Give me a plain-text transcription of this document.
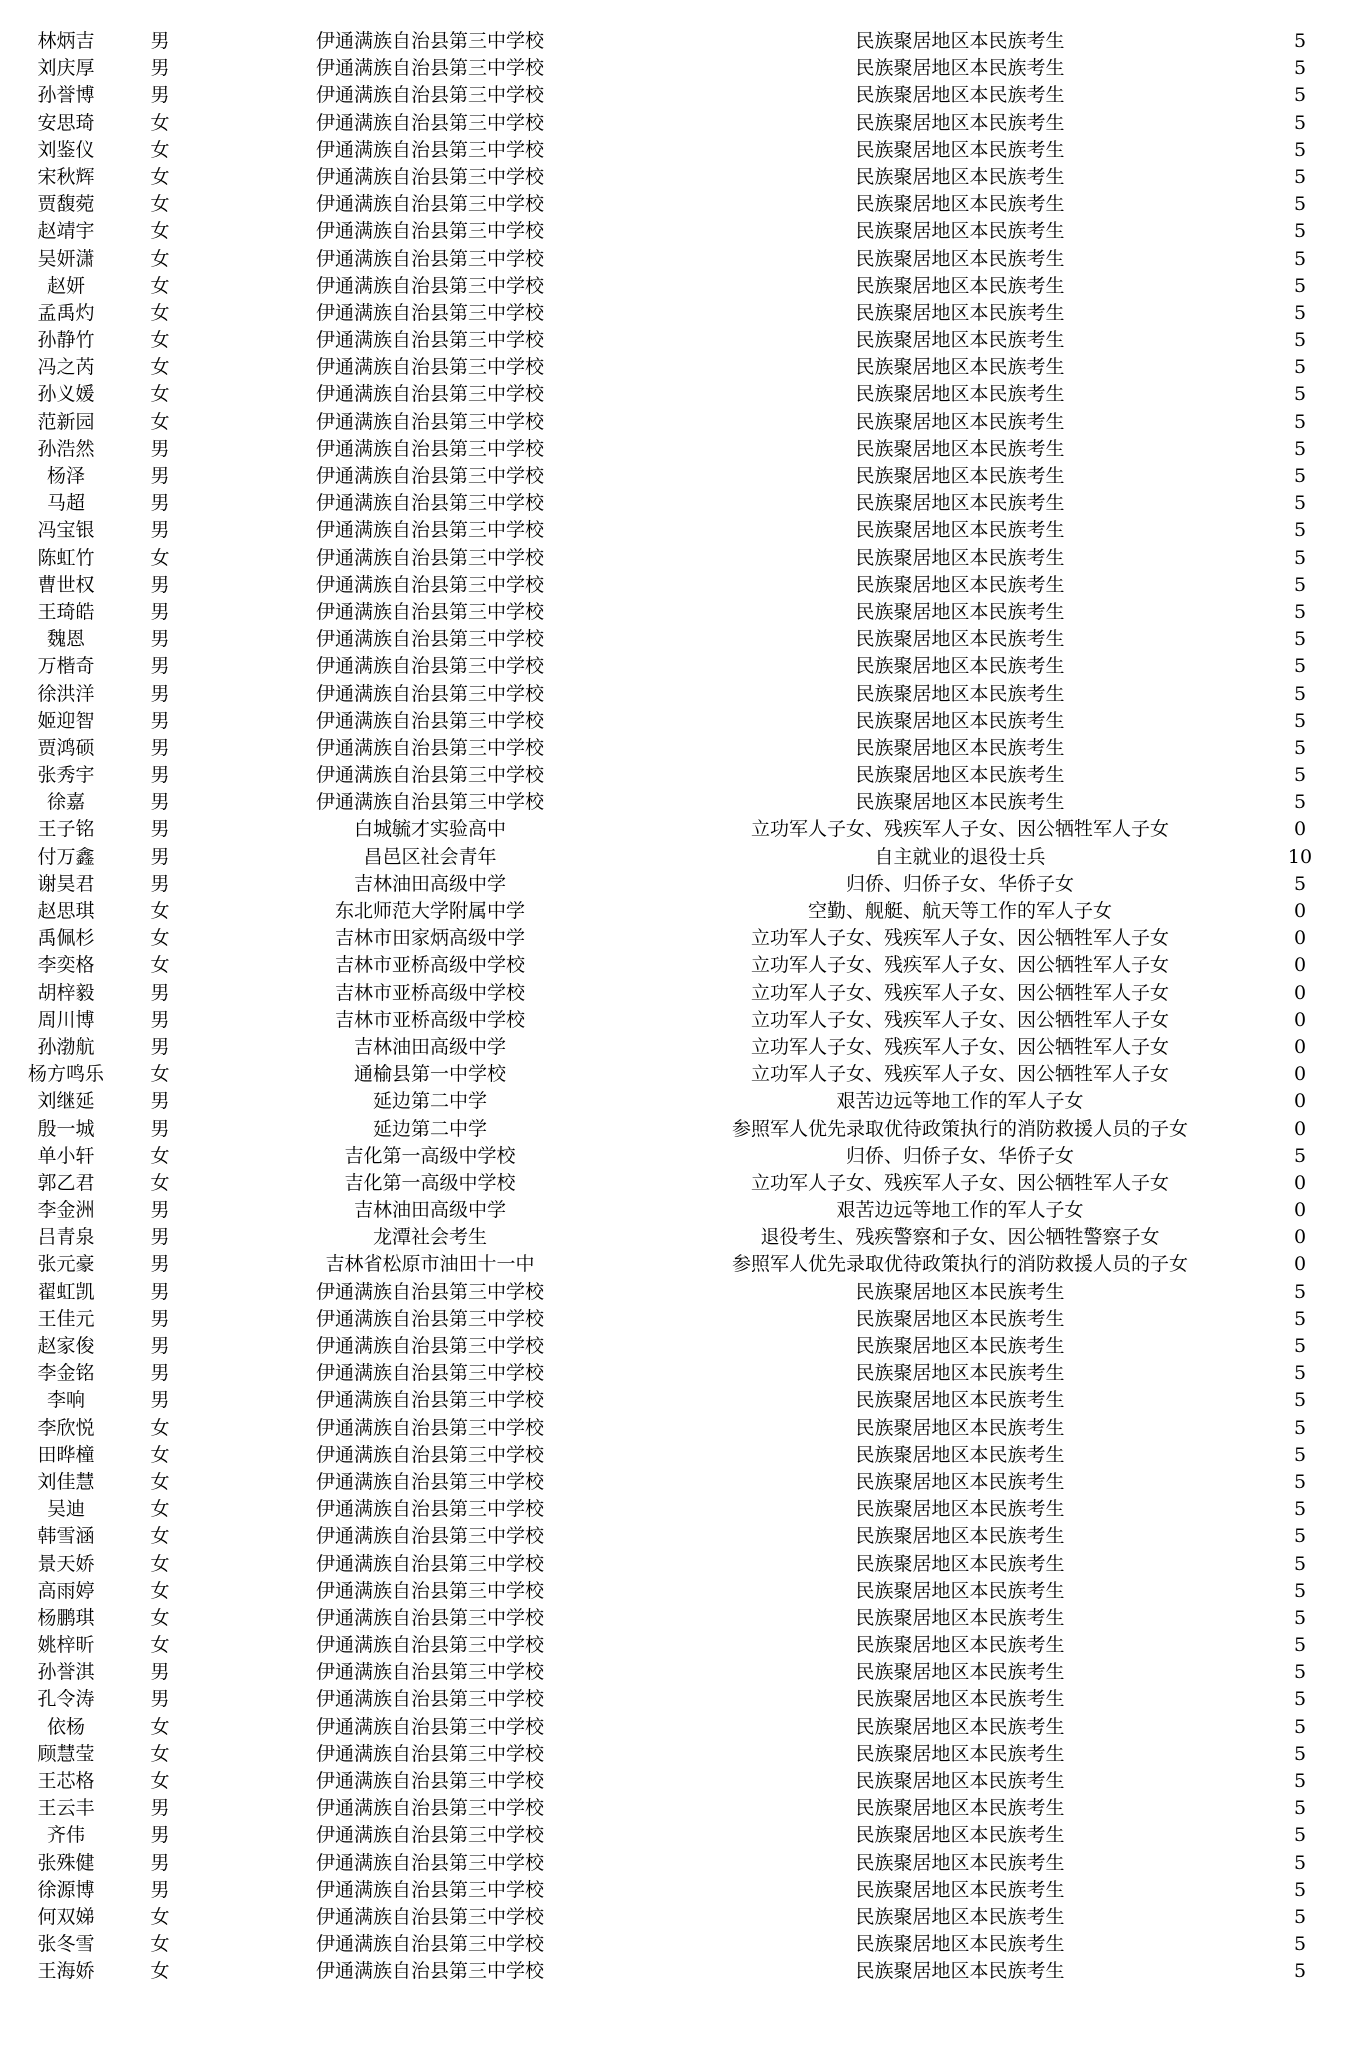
林炳吉	男	伊通满族自治县第三中学校	民族聚居地区本民族考生	5
刘庆厚	男	伊通满族自治县第三中学校	民族聚居地区本民族考生	5
孙誉博	男	伊通满族自治县第三中学校	民族聚居地区本民族考生	5
安思琦	女	伊通满族自治县第三中学校	民族聚居地区本民族考生	5
刘鉴仪	女	伊通满族自治县第三中学校	民族聚居地区本民族考生	5
宋秋辉	女	伊通满族自治县第三中学校	民族聚居地区本民族考生	5
贾馥菀	女	伊通满族自治县第三中学校	民族聚居地区本民族考生	5
赵靖宇	女	伊通满族自治县第三中学校	民族聚居地区本民族考生	5
吴妍潇	女	伊通满族自治县第三中学校	民族聚居地区本民族考生	5
赵妍	女	伊通满族自治县第三中学校	民族聚居地区本民族考生	5
孟禹灼	女	伊通满族自治县第三中学校	民族聚居地区本民族考生	5
孙静竹	女	伊通满族自治县第三中学校	民族聚居地区本民族考生	5
冯之芮	女	伊通满族自治县第三中学校	民族聚居地区本民族考生	5
孙义媛	女	伊通满族自治县第三中学校	民族聚居地区本民族考生	5
范新园	女	伊通满族自治县第三中学校	民族聚居地区本民族考生	5
孙浩然	男	伊通满族自治县第三中学校	民族聚居地区本民族考生	5
杨泽	男	伊通满族自治县第三中学校	民族聚居地区本民族考生	5
马超	男	伊通满族自治县第三中学校	民族聚居地区本民族考生	5
冯宝银	男	伊通满族自治县第三中学校	民族聚居地区本民族考生	5
陈虹竹	女	伊通满族自治县第三中学校	民族聚居地区本民族考生	5
曹世权	男	伊通满族自治县第三中学校	民族聚居地区本民族考生	5
王琦皓	男	伊通满族自治县第三中学校	民族聚居地区本民族考生	5
魏恩	男	伊通满族自治县第三中学校	民族聚居地区本民族考生	5
万楷奇	男	伊通满族自治县第三中学校	民族聚居地区本民族考生	5
徐洪洋	男	伊通满族自治县第三中学校	民族聚居地区本民族考生	5
姬迎智	男	伊通满族自治县第三中学校	民族聚居地区本民族考生	5
贾鸿硕	男	伊通满族自治县第三中学校	民族聚居地区本民族考生	5
张秀宇	男	伊通满族自治县第三中学校	民族聚居地区本民族考生	5
徐嘉	男	伊通满族自治县第三中学校	民族聚居地区本民族考生	5
王子铭	男	白城毓才实验高中	立功军人子女、残疾军人子女、因公牺牲军人子女	0
付万鑫	男	昌邑区社会青年	自主就业的退役士兵	10
谢昊君	男	吉林油田高级中学	归侨、归侨子女、华侨子女	5
赵思琪	女	东北师范大学附属中学	空勤、舰艇、航天等工作的军人子女	0
禹佩杉	女	吉林市田家炳高级中学	立功军人子女、残疾军人子女、因公牺牲军人子女	0
李奕格	女	吉林市亚桥高级中学校	立功军人子女、残疾军人子女、因公牺牲军人子女	0
胡梓毅	男	吉林市亚桥高级中学校	立功军人子女、残疾军人子女、因公牺牲军人子女	0
周川博	男	吉林市亚桥高级中学校	立功军人子女、残疾军人子女、因公牺牲军人子女	0
孙渤航	男	吉林油田高级中学	立功军人子女、残疾军人子女、因公牺牲军人子女	0
杨方鸣乐	女	通榆县第一中学校	立功军人子女、残疾军人子女、因公牺牲军人子女	0
刘继延	男	延边第二中学	艰苦边远等地工作的军人子女	0
殷一城	男	延边第二中学	参照军人优先录取优待政策执行的消防救援人员的子女	0
单小轩	女	吉化第一高级中学校	归侨、归侨子女、华侨子女	5
郭乙君	女	吉化第一高级中学校	立功军人子女、残疾军人子女、因公牺牲军人子女	0
李金洲	男	吉林油田高级中学	艰苦边远等地工作的军人子女	0
吕青泉	男	龙潭社会考生	退役考生、残疾警察和子女、因公牺牲警察子女	0
张元豪	男	吉林省松原市油田十一中	参照军人优先录取优待政策执行的消防救援人员的子女	0
翟虹凯	男	伊通满族自治县第三中学校	民族聚居地区本民族考生	5
王佳元	男	伊通满族自治县第三中学校	民族聚居地区本民族考生	5
赵家俊	男	伊通满族自治县第三中学校	民族聚居地区本民族考生	5
李金铭	男	伊通满族自治县第三中学校	民族聚居地区本民族考生	5
李响	男	伊通满族自治县第三中学校	民族聚居地区本民族考生	5
李欣悦	女	伊通满族自治县第三中学校	民族聚居地区本民族考生	5
田晔橦	女	伊通满族自治县第三中学校	民族聚居地区本民族考生	5
刘佳慧	女	伊通满族自治县第三中学校	民族聚居地区本民族考生	5
吴迪	女	伊通满族自治县第三中学校	民族聚居地区本民族考生	5
韩雪涵	女	伊通满族自治县第三中学校	民族聚居地区本民族考生	5
景天娇	女	伊通满族自治县第三中学校	民族聚居地区本民族考生	5
高雨婷	女	伊通满族自治县第三中学校	民族聚居地区本民族考生	5
杨鹏琪	女	伊通满族自治县第三中学校	民族聚居地区本民族考生	5
姚梓昕	女	伊通满族自治县第三中学校	民族聚居地区本民族考生	5
孙誉淇	男	伊通满族自治县第三中学校	民族聚居地区本民族考生	5
孔令涛	男	伊通满族自治县第三中学校	民族聚居地区本民族考生	5
依杨	女	伊通满族自治县第三中学校	民族聚居地区本民族考生	5
顾慧莹	女	伊通满族自治县第三中学校	民族聚居地区本民族考生	5
王芯格	女	伊通满族自治县第三中学校	民族聚居地区本民族考生	5
王云丰	男	伊通满族自治县第三中学校	民族聚居地区本民族考生	5
齐伟	男	伊通满族自治县第三中学校	民族聚居地区本民族考生	5
张殊健	男	伊通满族自治县第三中学校	民族聚居地区本民族考生	5
徐源博	男	伊通满族自治县第三中学校	民族聚居地区本民族考生	5
何双娣	女	伊通满族自治县第三中学校	民族聚居地区本民族考生	5
张冬雪	女	伊通满族自治县第三中学校	民族聚居地区本民族考生	5
王海娇	女	伊通满族自治县第三中学校	民族聚居地区本民族考生	5
